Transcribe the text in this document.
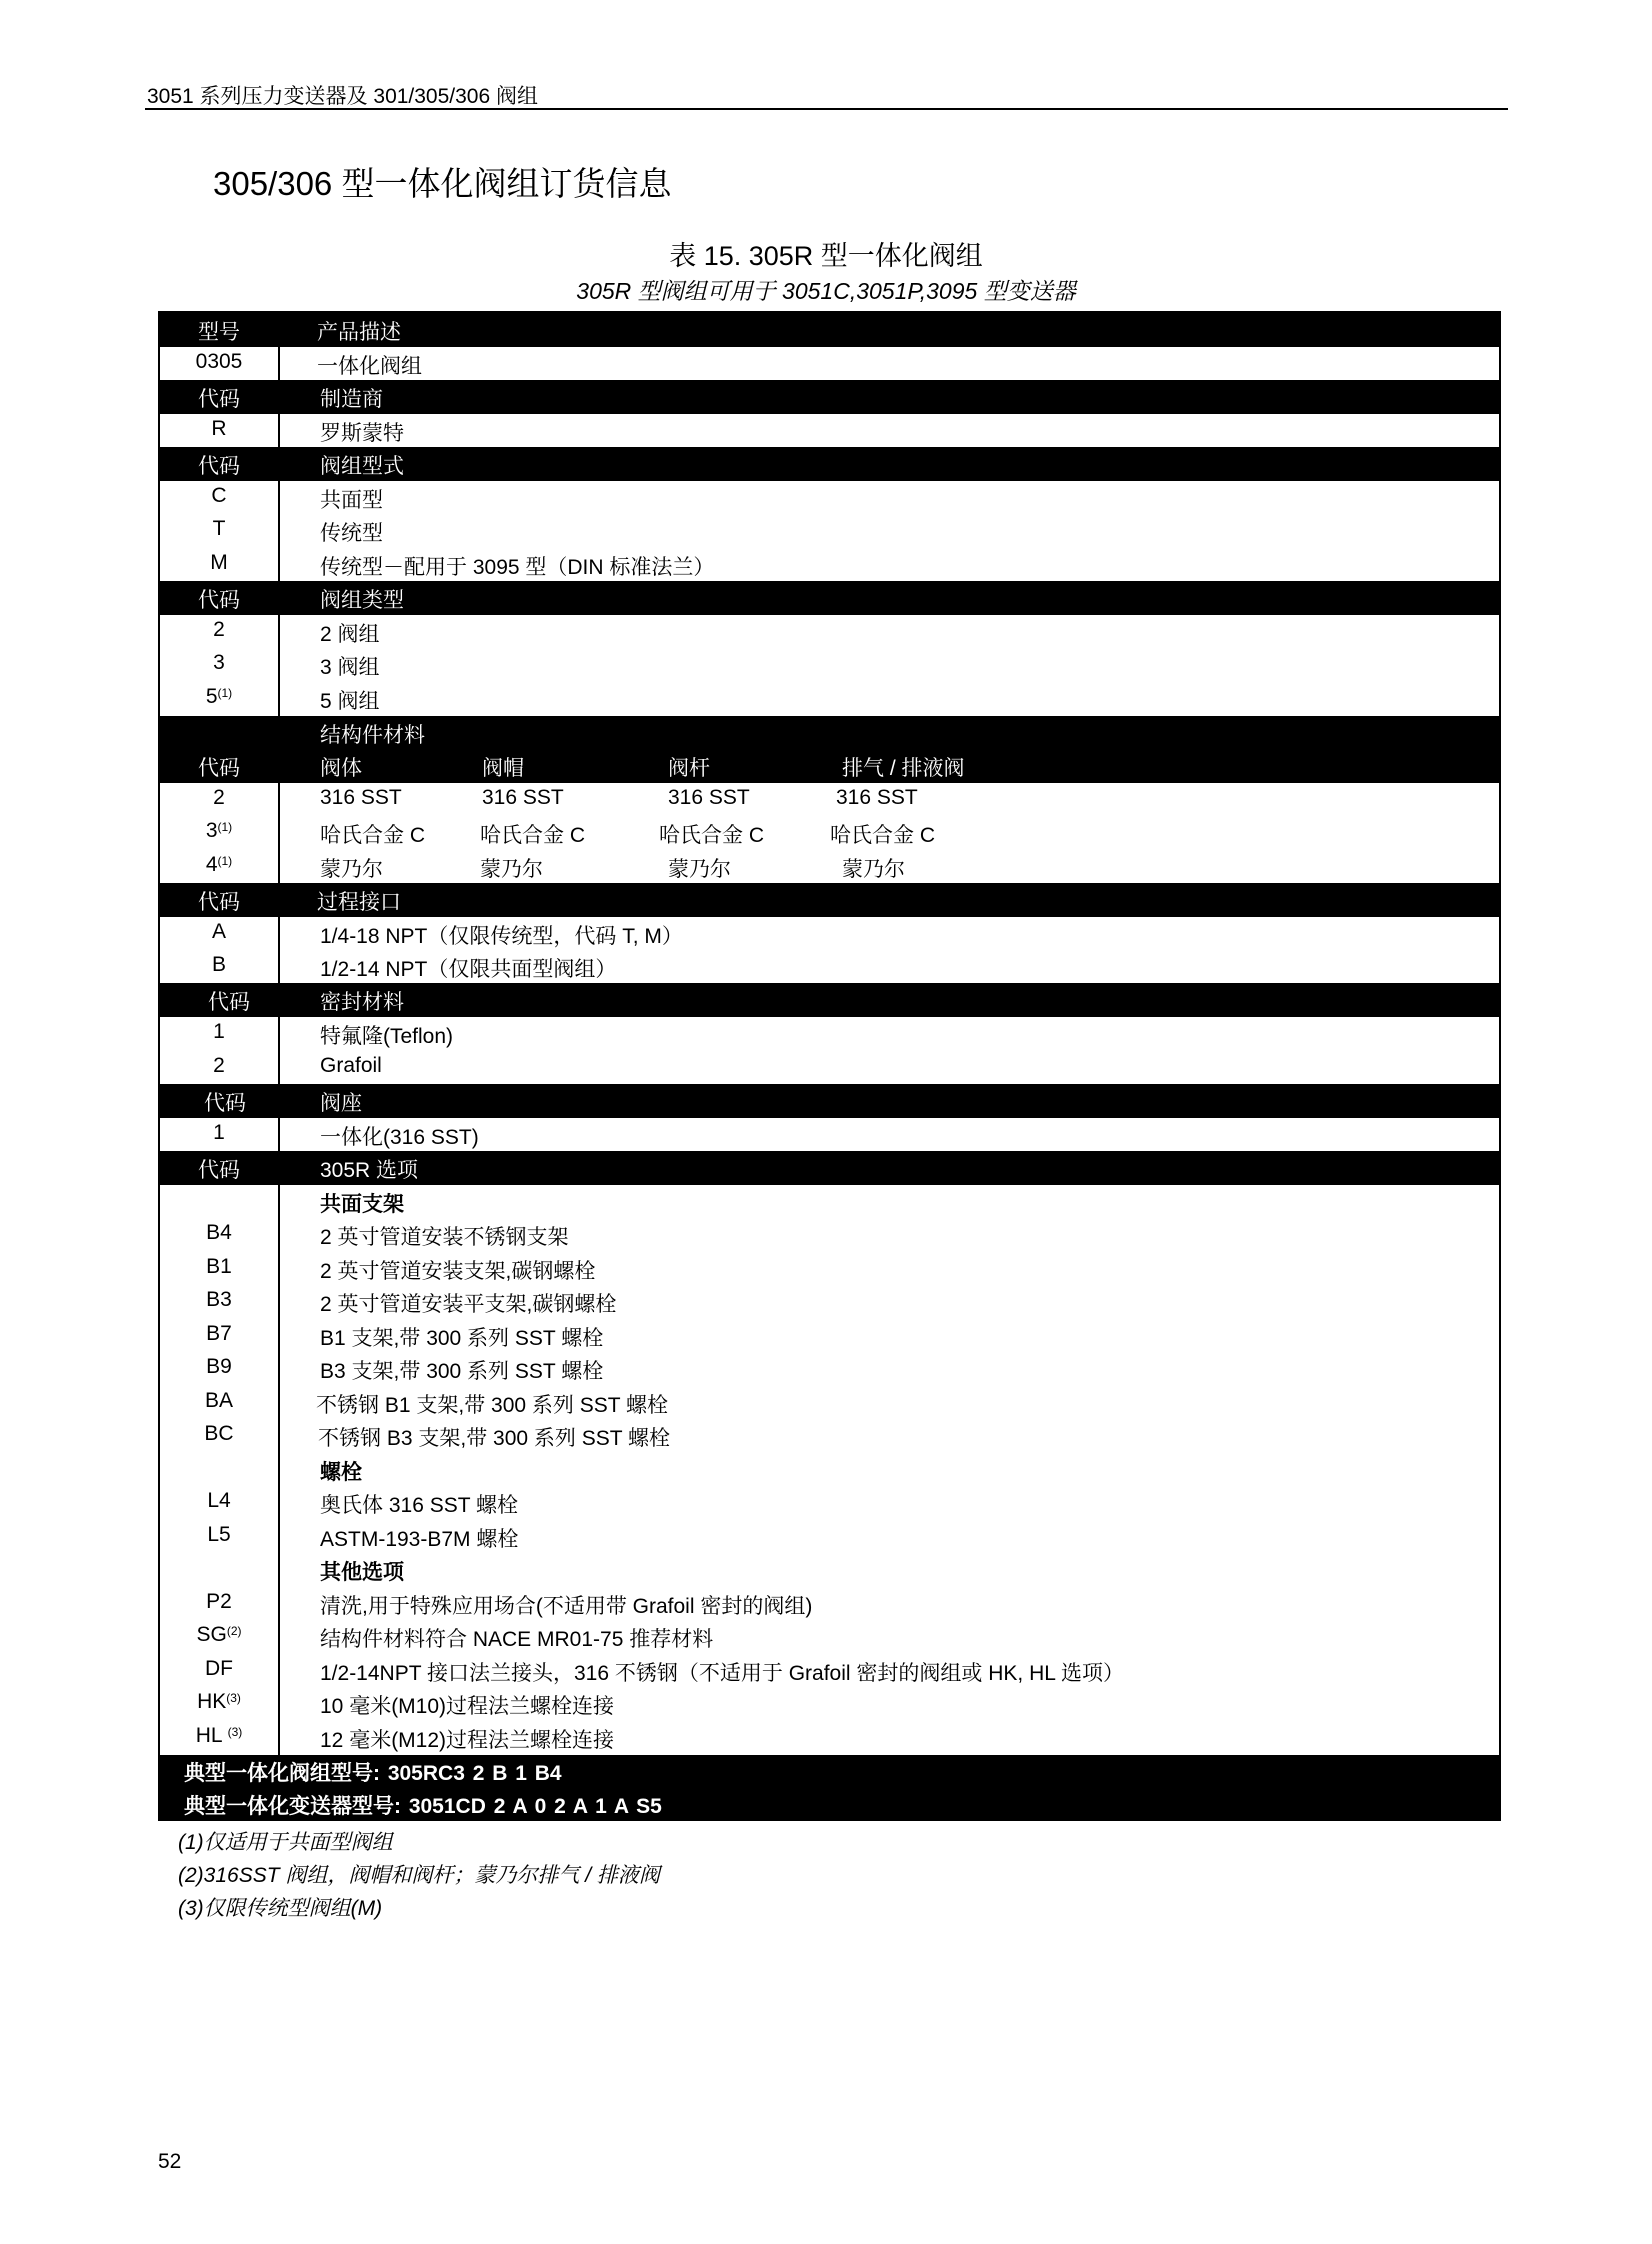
3051 系列压力变送器及 301/305/306 阀组
305/306 型一体化阀组订货信息
表 15. 305R 型一体化阀组
305R 型阀组可用于 3051C,3051P,3095 型变送器
型号	产品描述
0305	一体化阀组
代码	制造商
R	罗斯蒙特
代码	阀组型式
C	共面型
T	传统型
M	传统型－配用于 3095 型（DIN 标准法兰）
代码	阀组类型
2	2 阀组
3	3 阀组
5$^{(1)}$	5 阀组
结构件材料
代码	阀体	阀帽	阀杆	排气 / 排液阀
2	316 SST	316 SST	316 SST	316 SST
3$^{(1)}$	哈氏合金 C	哈氏合金 C	哈氏合金 C	哈氏合金 C
4$^{(1)}$	蒙乃尔	蒙乃尔	蒙乃尔	蒙乃尔
代码	过程接口
A	1/4-18 NPT（仅限传统型，代码 T, M）
B	1/2-14 NPT（仅限共面型阀组）
代码	密封材料
1	特氟隆(Teflon)
2	Grafoil
代码	阀座
1	一体化(316 SST)
代码	305R 选项
共面支架
B4	2 英寸管道安装不锈钢支架
B1	2 英寸管道安装支架,碳钢螺栓
B3	2 英寸管道安装平支架,碳钢螺栓
B7	B1 支架,带 300 系列 SST 螺栓
B9	B3 支架,带 300 系列 SST 螺栓
BA	不锈钢 B1 支架,带 300 系列 SST 螺栓
BC	不锈钢 B3 支架,带 300 系列 SST 螺栓
螺栓
L4	奥氏体 316 SST 螺栓
L5	ASTM-193-B7M 螺栓
其他选项
P2	清洗,用于特殊应用场合(不适用带 Grafoil 密封的阀组)
SG$^{(2)}$	结构件材料符合 NACE MR01-75 推荐材料
DF	1/2-14NPT 接口法兰接头，316 不锈钢（不适用于 Grafoil 密封的阀组或 HK, HL 选项）
HK$^{(3)}$	10 毫米(M10)过程法兰螺栓连接
HL $^{(3)}$	12 毫米(M12)过程法兰螺栓连接
典型一体化阀组型号: 305RC3 2 B 1 B4
典型一体化变送器型号: 3051CD 2 A 0 2 A 1 A S5
(1)仅适用于共面型阀组
(2)316SST 阀组，阀帽和阀杆；蒙乃尔排气 / 排液阀
(3)仅限传统型阀组(M)
52
